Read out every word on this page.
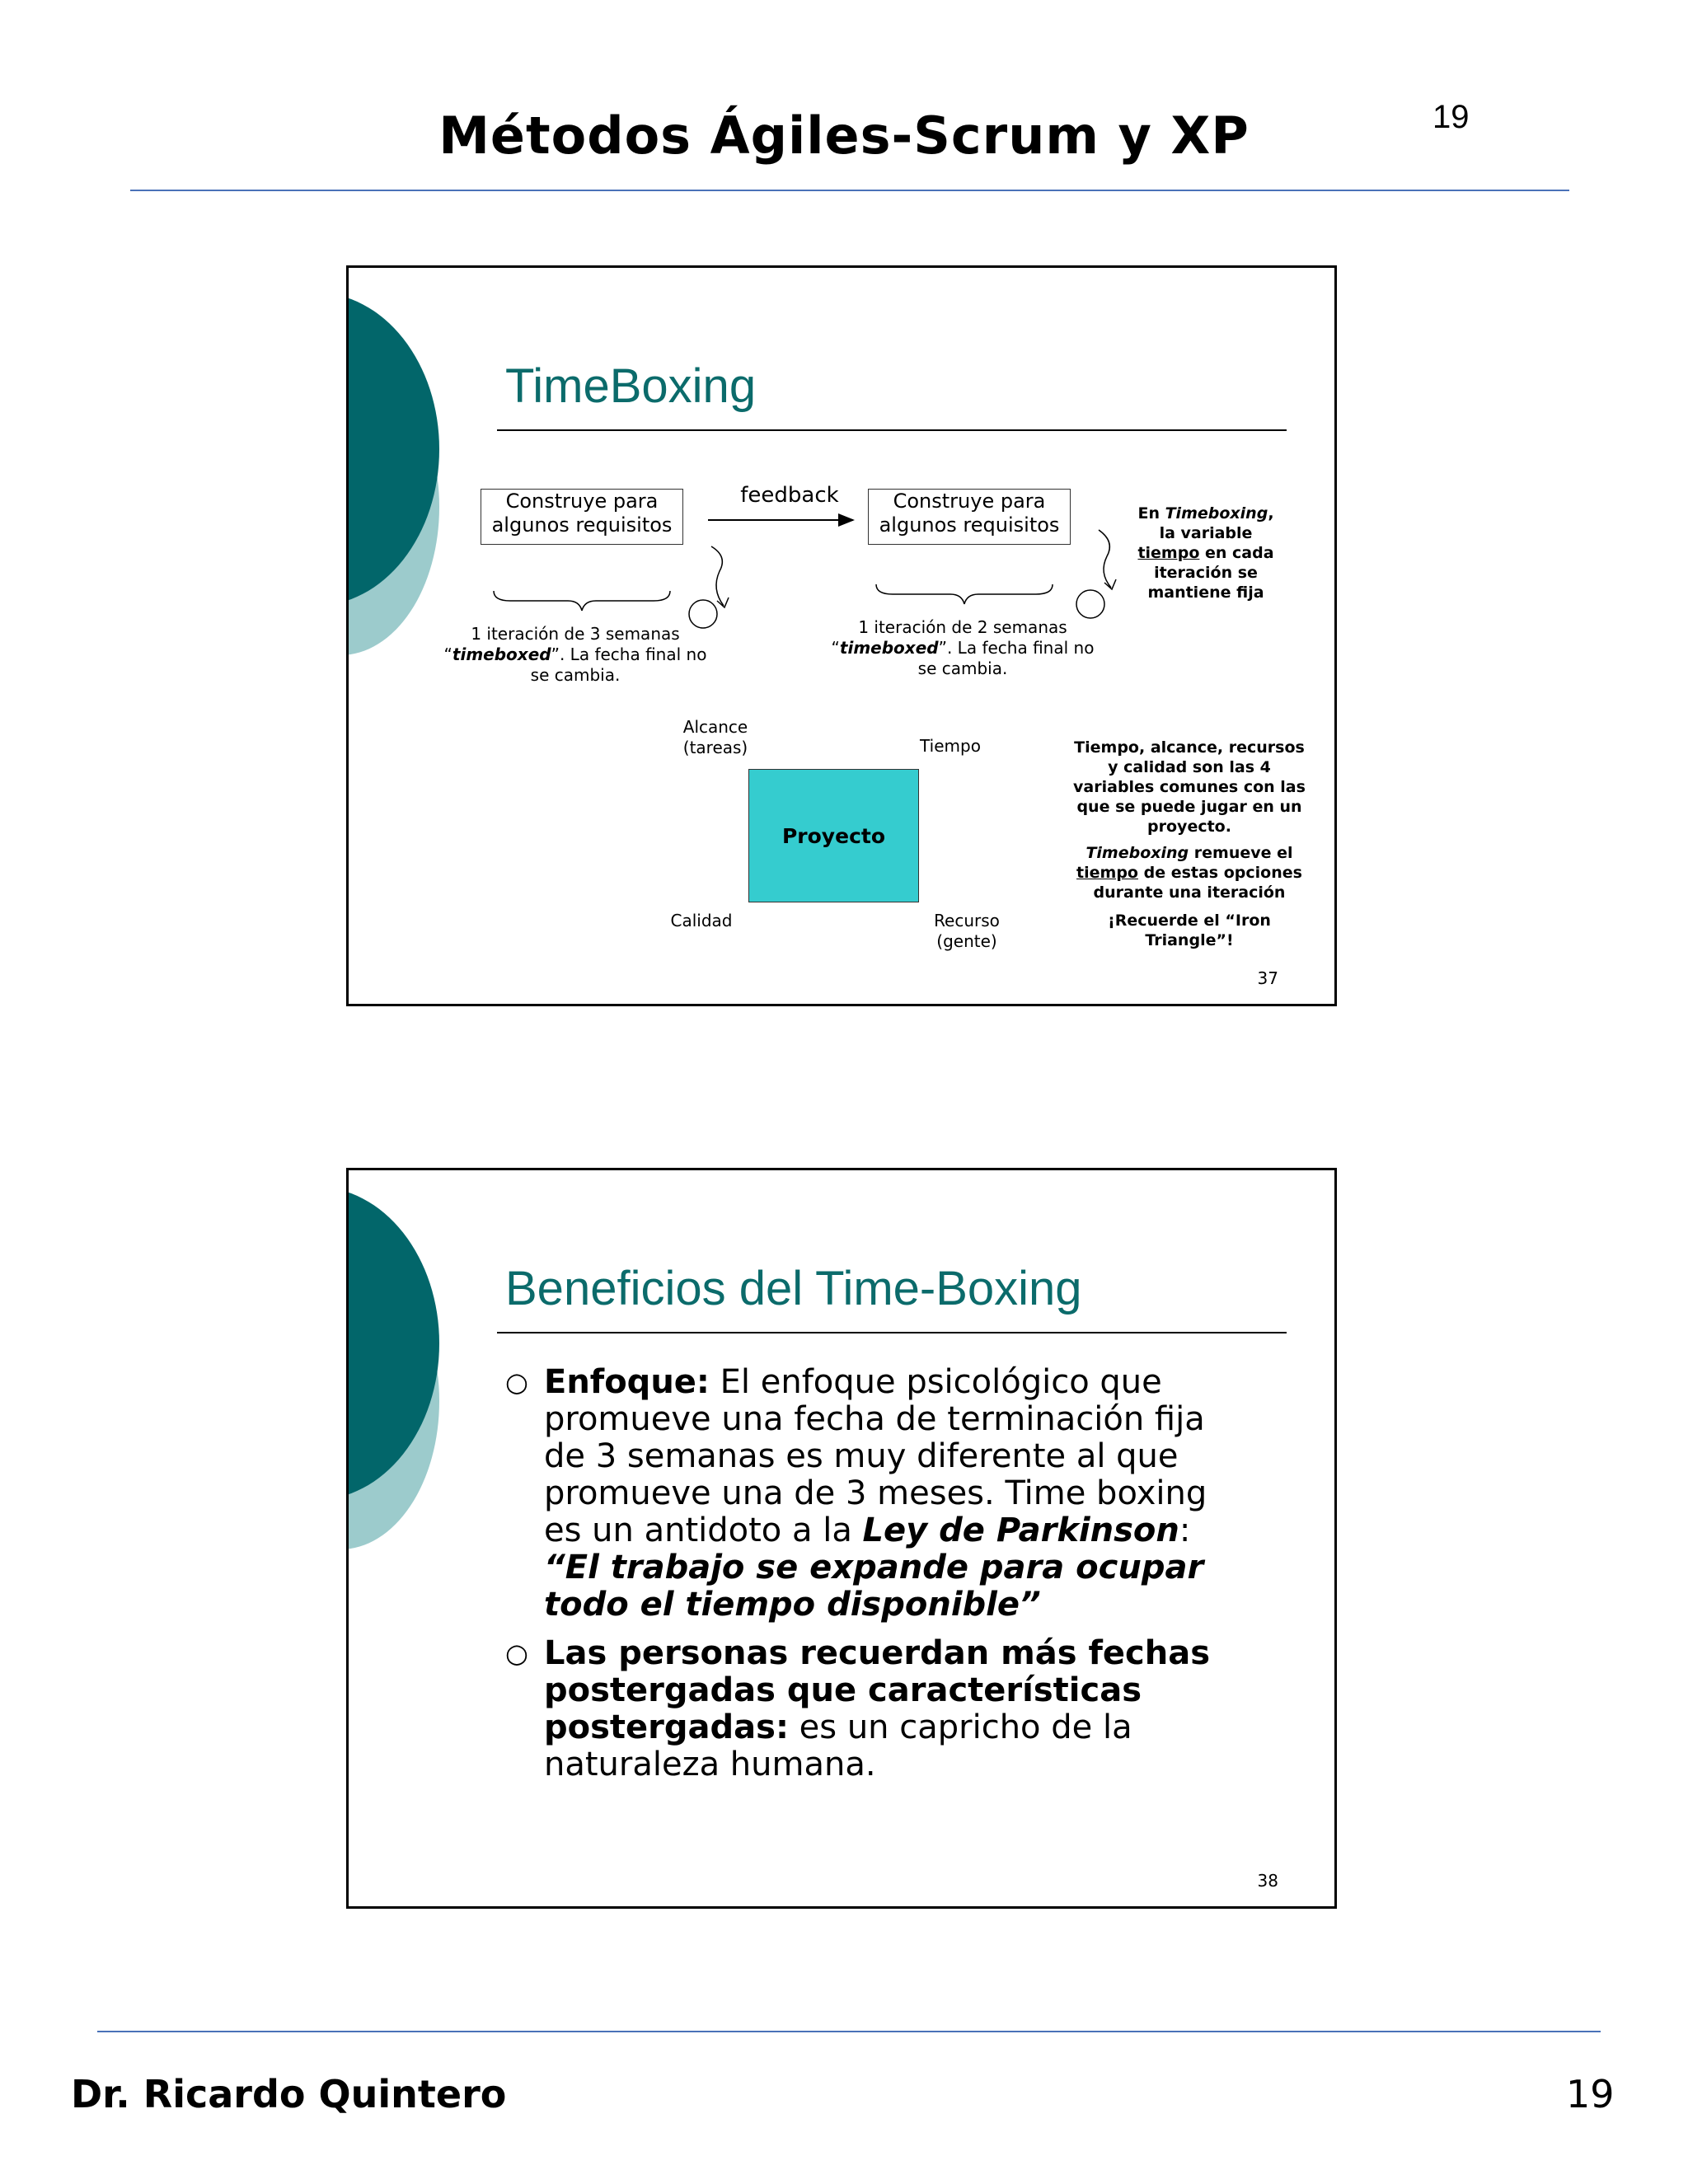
Métodos Ágiles-Scrum y XP	19
TimeBoxing
Construye para
algunos requisitos
Construye para
algunos requisitos
feedback
1 iteración de 3 semanas
“timeboxed”. La fecha final no
se cambia.
1 iteración de 2 semanas
“timeboxed”. La fecha final no
se cambia.
En Timeboxing,
la variable
tiempo en cada
iteración se
mantiene fija
Alcance
(tareas)	Tiempo
Proyecto
Calidad	Recurso
(gente)
Tiempo, alcance, recursos
y calidad son las 4
variables comunes con las
que se puede jugar en un
proyecto.
Timeboxing remueve el
tiempo de estas opciones
durante una iteración
¡Recuerde el “Iron
Triangle”!
37
Beneficios del Time-Boxing
○ Enfoque: El enfoque psicológico que promueve una fecha de terminación fija de 3 semanas es muy diferente al que promueve una de 3 meses. Time boxing es un antidoto a la Ley de Parkinson: “El trabajo se expande para ocupar todo el tiempo disponible”
○ Las personas recuerdan más fechas postergadas que características postergadas: es un capricho de la naturaleza humana.
38
Dr. Ricardo Quintero	19
